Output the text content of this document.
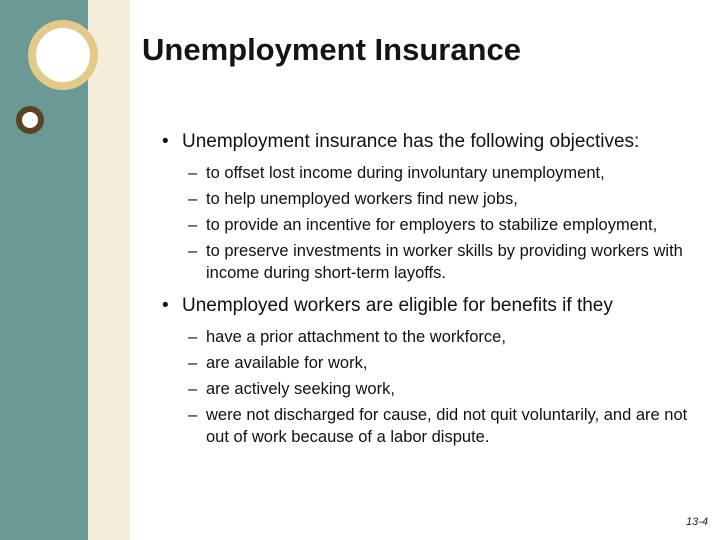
Unemployment Insurance
• Unemployment insurance has the following objectives:
– to offset lost income during involuntary unemployment,
– to help unemployed workers find new jobs,
– to provide an incentive for employers to stabilize employment,
– to preserve investments in worker skills by providing workers with income during short-term layoffs.
• Unemployed workers are eligible for benefits if they
– have a prior attachment to the workforce,
– are available for work,
– are actively seeking work,
– were not discharged for cause, did not quit voluntarily, and are not out of work because of a labor dispute.
13-4
